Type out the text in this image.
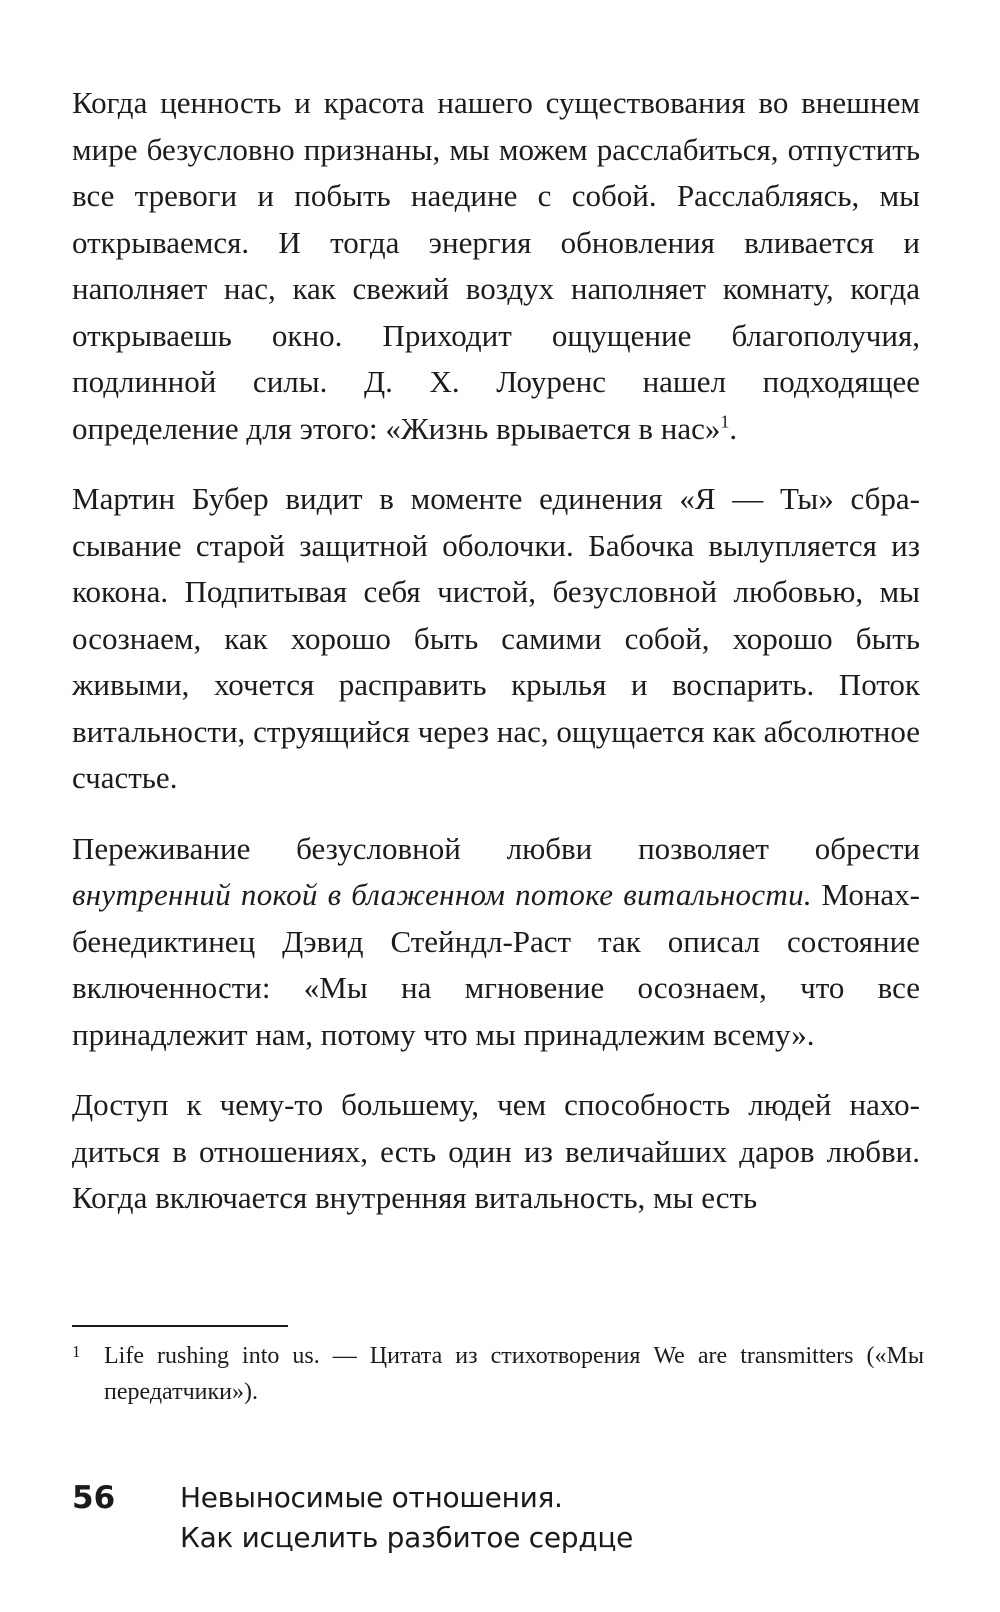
Когда ценность и красота нашего существования во внешнем мире безусловно признаны, мы можем расслабиться, отпустить все тревоги и побыть наедине с собой. Расслабляясь, мы открываемся. И тогда энергия обновления вливается и наполняет нас, как свежий воздух наполняет комнату, когда открываешь окно. Приходит ощущение благополучия, подлинной силы. Д. Х. Лоуренс нашел подходящее определение для этого: «Жизнь врывается в нас»$^1$.

Мартин Бубер видит в моменте единения «Я — Ты» сбрасывание старой защитной оболочки. Бабочка вылупляется из кокона. Подпитывая себя чистой, безусловной любовью, мы осознаем, как хорошо быть самими собой, хорошо быть живыми, хочется расправить крылья и воспарить. Поток витальности, струящийся через нас, ощущается как абсолютное счастье.

Переживание безусловной любви позволяет обрести внутренний покой в блаженном потоке витальности. Монах-бенедиктинец Дэвид Стейндл-Раст так описал состояние включенности: «Мы на мгновение осознаем, что все принадлежит нам, потому что мы принадлежим всему».

Доступ к чему-то большему, чем способность людей находиться в отношениях, есть один из величайших даров любви. Когда включается внутренняя витальность, мы есть

1 Life rushing into us. — Цитата из стихотворения We are transmitters («Мы передатчики»).
56 Невыносимые отношения.
Как исцелить разбитое сердце
